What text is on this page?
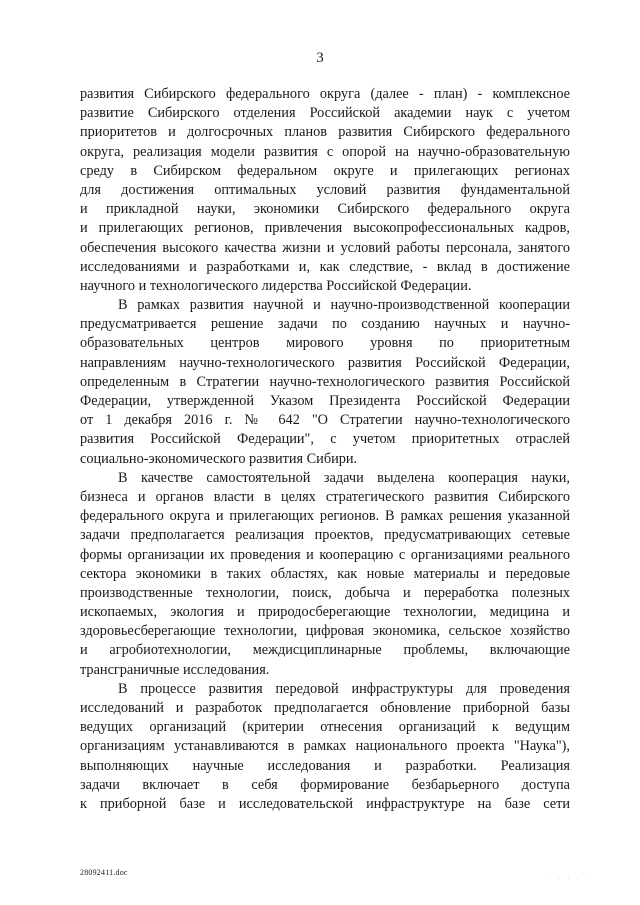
3
развития Сибирского федерального округа (далее - план) - комплексное
развитие Сибирского отделения Российской академии наук с учетом
приоритетов и долгосрочных планов развития Сибирского федерального
округа, реализация модели развития с опорой на научно-образовательную
среду в Сибирском федеральном округе и прилегающих регионах
для достижения оптимальных условий развития фундаментальной
и прикладной науки, экономики Сибирского федерального округа
и прилегающих регионов, привлечения высокопрофессиональных кадров,
обеспечения высокого качества жизни и условий работы персонала, занятого
исследованиями и разработками и, как следствие, - вклад в достижение
научного и технологического лидерства Российской Федерации.
В рамках развития научной и научно-производственной кооперации
предусматривается решение задачи по созданию научных и научно-
образовательных центров мирового уровня по приоритетным
направлениям научно-технологического развития Российской Федерации,
определенным в Стратегии научно-технологического развития Российской
Федерации, утвержденной Указом Президента Российской Федерации
от 1 декабря 2016 г. № 642 "О Стратегии научно-технологического
развития Российской Федерации", с учетом приоритетных отраслей
социально-экономического развития Сибири.
В качестве самостоятельной задачи выделена кооперация науки,
бизнеса и органов власти в целях стратегического развития Сибирского
федерального округа и прилегающих регионов. В рамках решения указанной
задачи предполагается реализация проектов, предусматривающих сетевые
формы организации их проведения и кооперацию с организациями реального
сектора экономики в таких областях, как новые материалы и передовые
производственные технологии, поиск, добыча и переработка полезных
ископаемых, экология и природосберегающие технологии, медицина и
здоровьесберегающие технологии, цифровая экономика, сельское хозяйство
и агробиотехнологии, междисциплинарные проблемы, включающие
трансграничные исследования.
В процессе развития передовой инфраструктуры для проведения
исследований и разработок предполагается обновление приборной базы
ведущих организаций (критерии отнесения организаций к ведущим
организациям устанавливаются в рамках национального проекта "Наука"),
выполняющих научные исследования и разработки. Реализация
задачи включает в себя формирование безбарьерного доступа
к приборной базе и исследовательской инфраструктуре на базе сети
28092411.doc
· · · · ·
